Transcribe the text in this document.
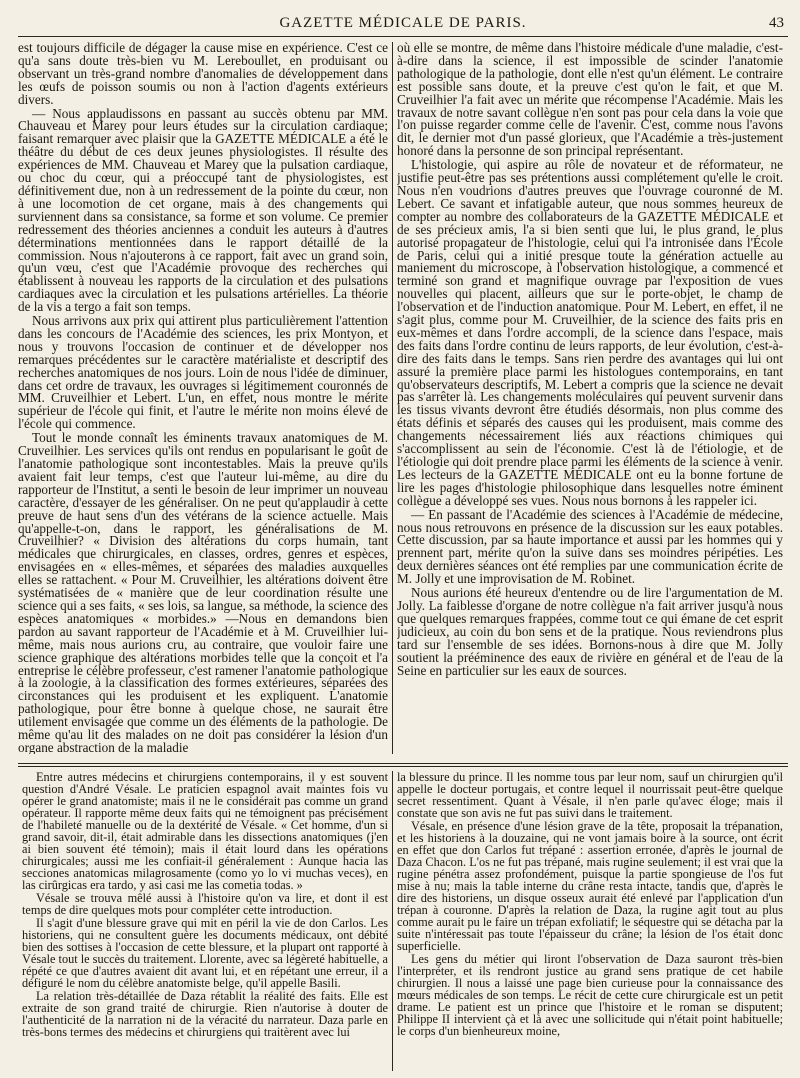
GAZETTE MÉDICALE DE PARIS.	43

est toujours difficile de dégager la cause mise en expérience. C'est ce qu'a sans doute très-bien vu M. Lereboullet, en produisant ou observant un très-grand nombre d'anomalies de développement dans les œufs de poisson soumis ou non à l'action d'agents extérieurs divers.

— Nous applaudissons en passant au succès obtenu par MM. Chauveau et Marey pour leurs études sur la circulation cardiaque; faisant remarquer avec plaisir que la GAZETTE MÉDICALE a été le théâtre du début de ces deux jeunes physiologistes. Il résulte des expériences de MM. Chauveau et Marey que la pulsation cardiaque, ou choc du cœur, qui a préoccupé tant de physiologistes, est définitivement due, non à un redressement de la pointe du cœur, non à une locomotion de cet organe, mais à des changements qui surviennent dans sa consistance, sa forme et son volume. Ce premier redressement des théories anciennes a conduit les auteurs à d'autres déterminations mentionnées dans le rapport détaillé de la commission. Nous n'ajouterons à ce rapport, fait avec un grand soin, qu'un vœu, c'est que l'Académie provoque des recherches qui établissent à nouveau les rapports de la circulation et des pulsations cardiaques avec la circulation et les pulsations artérielles. La théorie de la vis a tergo a fait son temps.

Nous arrivons aux prix qui attirent plus particulièrement l'attention dans les concours de l'Académie des sciences, les prix Montyon, et nous y trouvons l'occasion de continuer et de développer nos remarques précédentes sur le caractère matérialiste et descriptif des recherches anatomiques de nos jours. Loin de nous l'idée de diminuer, dans cet ordre de travaux, les ouvrages si légitimement couronnés de MM. Cruveilhier et Lebert. L'un, en effet, nous montre le mérite supérieur de l'école qui finit, et l'autre le mérite non moins élevé de l'école qui commence.

Tout le monde connaît les éminents travaux anatomiques de M. Cruveilhier. Les services qu'ils ont rendus en popularisant le goût de l'anatomie pathologique sont incontestables. Mais la preuve qu'ils avaient fait leur temps, c'est que l'auteur lui-même, au dire du rapporteur de l'Institut, a senti le besoin de leur imprimer un nouveau caractère, d'essayer de les généraliser. On ne peut qu'applaudir à cette preuve de haut sens d'un des vétérans de la science actuelle. Mais qu'appelle-t-on, dans le rapport, les généralisations de M. Cruveilhier? « Division des altérations du corps humain, tant médicales que chirurgicales, en classes, ordres, genres et espèces, envisagées en « elles-mêmes, et séparées des maladies auxquelles elles se rattachent. « Pour M. Cruveilhier, les altérations doivent être systématisées de « manière que de leur coordination résulte une science qui a ses faits, « ses lois, sa langue, sa méthode, la science des espèces anatomiques « morbides.» —Nous en demandons bien pardon au savant rapporteur de l'Académie et à M. Cruveilhier lui-même, mais nous aurions cru, au contraire, que vouloir faire une science graphique des altérations morbides telle que la conçoit et l'a entreprise le célèbre professeur, c'est ramener l'anatomie pathologique à la zoologie, à la classification des formes extérieures, séparées des circonstances qui les produisent et les expliquent. L'anatomie pathologique, pour être bonne à quelque chose, ne saurait être utilement envisagée que comme un des éléments de la pathologie. De même qu'au lit des malades on ne doit pas considérer la lésion d'un organe abstraction de la maladie

où elle se montre, de même dans l'histoire médicale d'une maladie, c'est-à-dire dans la science, il est impossible de scinder l'anatomie pathologique de la pathologie, dont elle n'est qu'un élément. Le contraire est possible sans doute, et la preuve c'est qu'on le fait, et que M. Cruveilhier l'a fait avec un mérite que récompense l'Académie. Mais les travaux de notre savant collègue n'en sont pas pour cela dans la voie que l'on puisse regarder comme celle de l'avenir. C'est, comme nous l'avons dit, le dernier mot d'un passé glorieux, que l'Académie a très-justement honoré dans la personne de son principal représentant.

L'histologie, qui aspire au rôle de novateur et de réformateur, ne justifie peut-être pas ses prétentions aussi complétement qu'elle le croit. Nous n'en voudrions d'autres preuves que l'ouvrage couronné de M. Lebert. Ce savant et infatigable auteur, que nous sommes heureux de compter au nombre des collaborateurs de la GAZETTE MÉDICALE et de ses précieux amis, l'a si bien senti que lui, le plus grand, le plus autorisé propagateur de l'histologie, celui qui l'a intronisée dans l'École de Paris, celui qui a initié presque toute la génération actuelle au maniement du microscope, à l'observation histologique, a commencé et terminé son grand et magnifique ouvrage par l'exposition de vues nouvelles qui placent, ailleurs que sur le porte-objet, le champ de l'observation et de l'induction anatomique. Pour M. Lebert, en effet, il ne s'agit plus, comme pour M. Cruveilhier, de la science des faits pris en eux-mêmes et dans l'ordre accompli, de la science dans l'espace, mais des faits dans l'ordre continu de leurs rapports, de leur évolution, c'est-à-dire des faits dans le temps. Sans rien perdre des avantages qui lui ont assuré la première place parmi les histologues contemporains, en tant qu'observateurs descriptifs, M. Lebert a compris que la science ne devait pas s'arrêter là. Les changements moléculaires qui peuvent survenir dans les tissus vivants devront être étudiés désormais, non plus comme des états définis et séparés des causes qui les produisent, mais comme des changements nécessairement liés aux réactions chimiques qui s'accomplissent au sein de l'économie. C'est là de l'étiologie, et de l'étiologie qui doit prendre place parmi les éléments de la science à venir. Les lecteurs de la GAZETTE MÉDICALE ont eu la bonne fortune de lire les pages d'histologie philosophique dans lesquelles notre éminent collègue a développé ses vues. Nous nous bornons à les rappeler ici.

— En passant de l'Académie des sciences à l'Académie de médecine, nous nous retrouvons en présence de la discussion sur les eaux potables. Cette discussion, par sa haute importance et aussi par les hommes qui y prennent part, mérite qu'on la suive dans ses moindres péripéties. Les deux dernières séances ont été remplies par une communication écrite de M. Jolly et une improvisation de M. Robinet.

Nous aurions été heureux d'entendre ou de lire l'argumentation de M. Jolly. La faiblesse d'organe de notre collègue n'a fait arriver jusqu'à nous que quelques remarques frappées, comme tout ce qui émane de cet esprit judicieux, au coin du bon sens et de la pratique. Nous reviendrons plus tard sur l'ensemble de ses idées. Bornons-nous à dire que M. Jolly soutient la prééminence des eaux de rivière en général et de l'eau de la Seine en particulier sur les eaux de sources.

Entre autres médecins et chirurgiens contemporains, il y est souvent question d'André Vésale. Le praticien espagnol avait maintes fois vu opérer le grand anatomiste; mais il ne le considérait pas comme un grand opérateur. Il rapporte même deux faits qui ne témoignent pas précisément de l'habileté manuelle ou de la dextérité de Vésale. « Cet homme, d'un si grand savoir, dit-il, était admirable dans les dissections anatomiques (j'en ai bien souvent été témoin); mais il était lourd dans les opérations chirurgicales; aussi me les confiait-il généralement : Aunque hacia las secciones anatomicas milagrosamente (como yo lo vi muchas veces), en las cirûrgicas era tardo, y asi casi me las cometia todas. »

Vésale se trouva mêlé aussi à l'histoire qu'on va lire, et dont il est temps de dire quelques mots pour compléter cette introduction.

Il s'agit d'une blessure grave qui mit en péril la vie de don Carlos. Les historiens, qui ne consultent guère les documents médicaux, ont débité bien des sottises à l'occasion de cette blessure, et la plupart ont rapporté à Vésale tout le succès du traitement. Llorente, avec sa légèreté habituelle, a répété ce que d'autres avaient dit avant lui, et en répétant une erreur, il a défiguré le nom du célèbre anatomiste belge, qu'il appelle Basili.

La relation très-détaillée de Daza rétablit la réalité des faits. Elle est extraite de son grand traité de chirurgie. Rien n'autorise à douter de l'authenticité de la narration ni de la véracité du narrateur. Daza parle en très-bons termes des médecins et chirurgiens qui traitèrent avec lui

la blessure du prince. Il les nomme tous par leur nom, sauf un chirurgien qu'il appelle le docteur portugais, et contre lequel il nourrissait peut-être quelque secret ressentiment. Quant à Vésale, il n'en parle qu'avec éloge; mais il constate que son avis ne fut pas suivi dans le traitement.

Vésale, en présence d'une lésion grave de la tête, proposait la trépanation, et les historiens à la douzaine, qui ne vont jamais boire à la source, ont écrit en effet que don Carlos fut trépané : assertion erronée, d'après le journal de Daza Chacon. L'os ne fut pas trépané, mais rugine seulement; il est vrai que la rugine pénétra assez profondément, puisque la partie spongieuse de l'os fut mise à nu; mais la table interne du crâne resta intacte, tandis que, d'après le dire des historiens, un disque osseux aurait été enlevé par l'application d'un trépan à couronne. D'après la relation de Daza, la rugine agit tout au plus comme aurait pu le faire un trépan exfoliatif; le séquestre qui se détacha par la suite n'intéressait pas toute l'épaisseur du crâne; la lésion de l'os était donc superficielle.

Les gens du métier qui liront l'observation de Daza sauront très-bien l'interpréter, et ils rendront justice au grand sens pratique de cet habile chirurgien. Il nous a laissé une page bien curieuse pour la connaissance des mœurs médicales de son temps. Le récit de cette cure chirurgicale est un petit drame. Le patient est un prince que l'histoire et le roman se disputent; Philippe II intervient çà et là avec une sollicitude qui n'était point habituelle; le corps d'un bienheureux moine,
